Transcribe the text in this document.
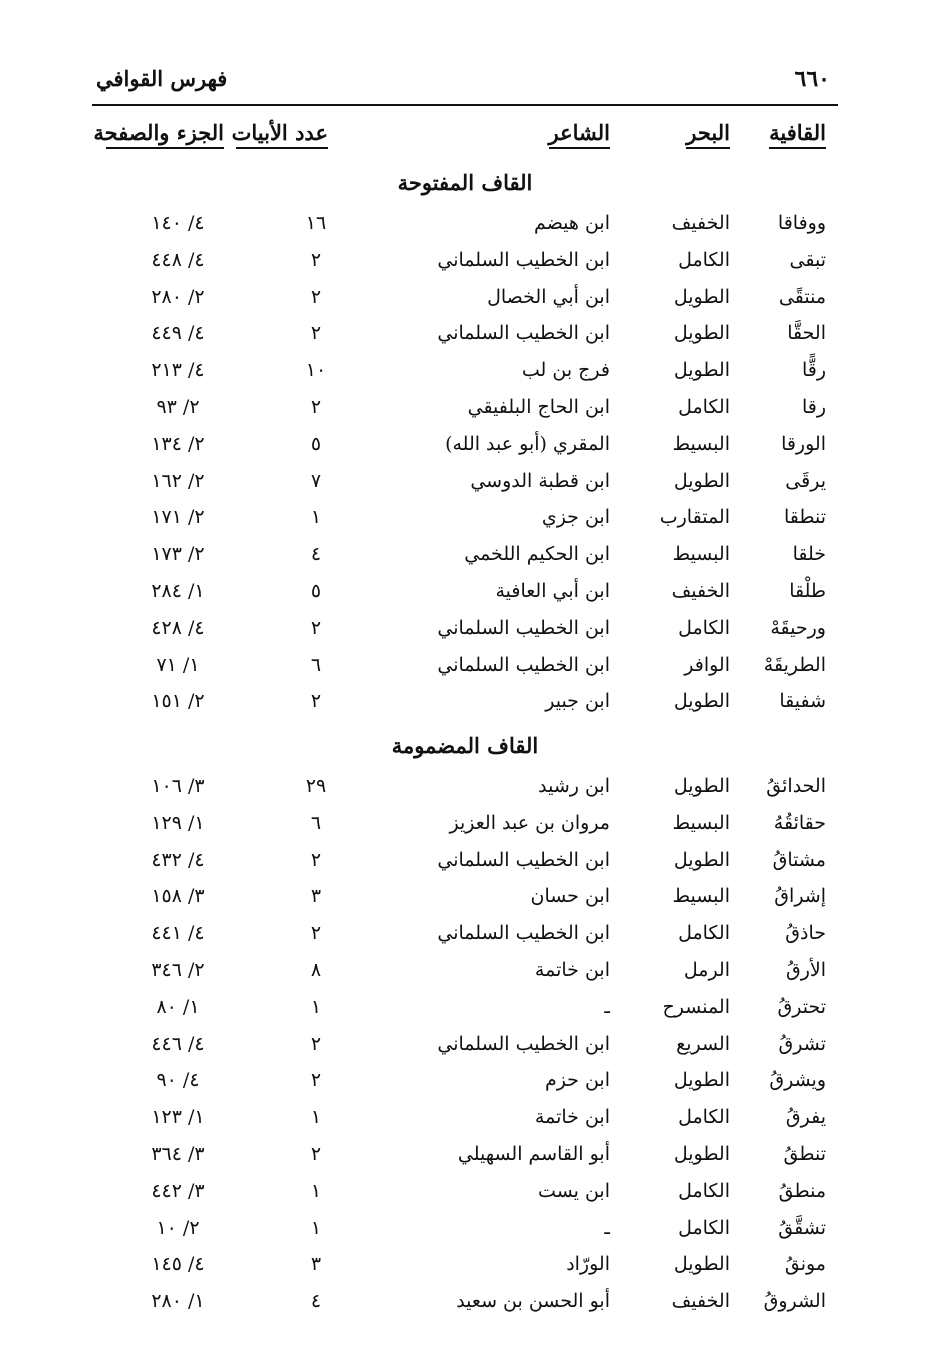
٦٦٠
فهرس القوافي
القافية
البحر
الشاعر
عدد الأبيات
الجزء والصفحة
القاف المفتوحة
ووفاقا
الخفيف
ابن هيضم
١٦
٤/ ١٤٠
تبقى
الكامل
ابن الخطيب السلماني
٢
٤/ ٤٤٨
منتقًى
الطويل
ابن أبي الخصال
٢
٢/ ٢٨٠
الحقَّا
الطويل
ابن الخطيب السلماني
٢
٤/ ٤٤٩
رقًّا
الطويل
فرج بن لب
١٠
٤/ ٢١٣
رقا
الكامل
ابن الحاج البلفيقي
٢
٢/ ٩٣
الورقا
البسيط
المقري (أبو عبد الله)
٥
٢/ ١٣٤
يرقَى
الطويل
ابن قطبة الدوسي
٧
٢/ ١٦٢
تنطقا
المتقارب
ابن جزي
١
٢/ ١٧١
خلقا
البسيط
ابن الحكيم اللخمي
٤
٢/ ١٧٣
طلْقا
الخفيف
ابن أبي العافية
٥
١/ ٢٨٤
ورحيقَهْ
الكامل
ابن الخطيب السلماني
٢
٤/ ٤٢٨
الطريقَهْ
الوافر
ابن الخطيب السلماني
٦
١/ ٧١
شفيقا
الطويل
ابن جبير
٢
٢/ ١٥١
القاف المضمومة
الحدائقُ
الطويل
ابن رشيد
٢٩
٣/ ١٠٦
حقائقُهُ
البسيط
مروان بن عبد العزيز
٦
١/ ١٢٩
مشتاقُ
الطويل
ابن الخطيب السلماني
٢
٤/ ٤٣٢
إشراقُ
البسيط
ابن حسان
٣
٣/ ١٥٨
حاذقُ
الكامل
ابن الخطيب السلماني
٢
٤/ ٤٤١
الأرقُ
الرمل
ابن خاتمة
٨
٢/ ٣٤٦
تحترقُ
المنسرح
ـ
١
١/ ٨٠
تشرقُ
السريع
ابن الخطيب السلماني
٢
٤/ ٤٤٦
ويشرقُ
الطويل
ابن حزم
٢
٤/ ٩٠
يفرقُ
الكامل
ابن خاتمة
١
١/ ١٢٣
تنطقُ
الطويل
أبو القاسم السهيلي
٢
٣/ ٣٦٤
منطقُ
الكامل
ابن يست
١
٣/ ٤٤٢
تشقَّقُ
الكامل
ـ
١
٢/ ١٠
مونقُ
الطويل
الورّاد
٣
٤/ ١٤٥
الشروقُ
الخفيف
أبو الحسن بن سعيد
٤
١/ ٢٨٠
